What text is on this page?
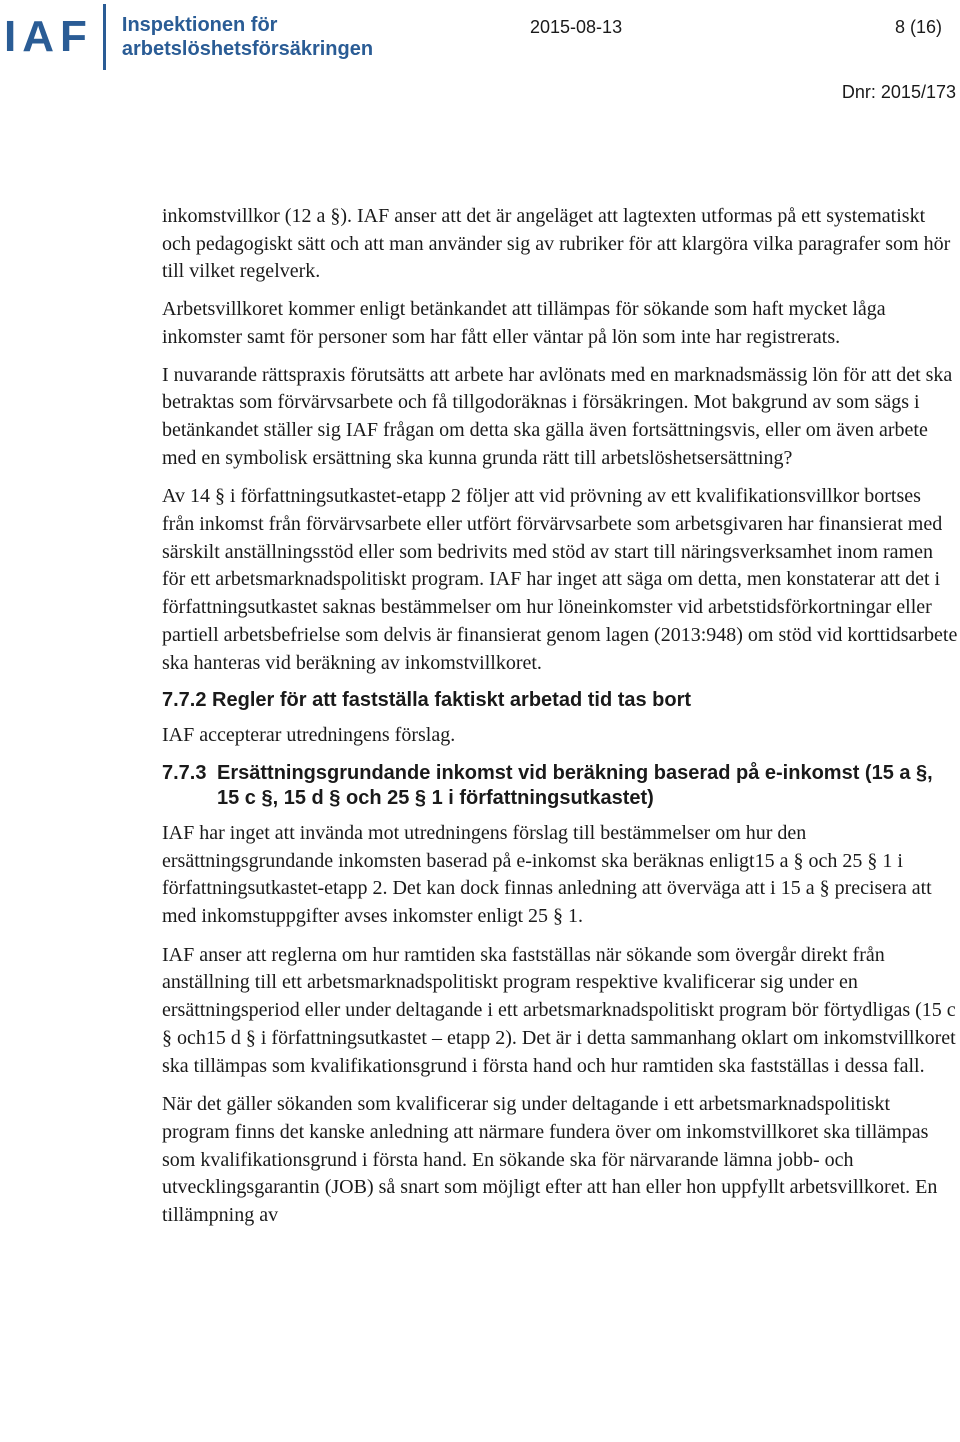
IAF Inspektionen för
arbetslöshetsförsäkringen
2015-08-13	8 (16)
Dnr: 2015/173

inkomstvillkor (12 a §). IAF anser att det är angeläget att lagtexten utformas på ett systematiskt och pedagogiskt sätt och att man använder sig av rubriker för att klargöra vilka paragrafer som hör till vilket regelverk.

Arbetsvillkoret kommer enligt betänkandet att tillämpas för sökande som haft mycket låga inkomster samt för personer som har fått eller väntar på lön som inte har registrerats.

I nuvarande rättspraxis förutsätts att arbete har avlönats med en marknadsmässig lön för att det ska betraktas som förvärvsarbete och få tillgodoräknas i försäkringen. Mot bakgrund av som sägs i betänkandet ställer sig IAF frågan om detta ska gälla även fortsättningsvis, eller om även arbete med en symbolisk ersättning ska kunna grunda rätt till arbetslöshetsersättning?

Av 14 § i författningsutkastet-etapp 2 följer att vid prövning av ett kvalifikationsvillkor bortses från inkomst från förvärvsarbete eller utfört förvärvsarbete som arbetsgivaren har finansierat med särskilt anställningsstöd eller som bedrivits med stöd av start till näringsverksamhet inom ramen för ett arbetsmarknadspolitiskt program. IAF har inget att säga om detta, men konstaterar att det i författningsutkastet saknas bestämmelser om hur löneinkomster vid arbetstidsförkortningar eller partiell arbetsbefrielse som delvis är finansierat genom lagen (2013:948) om stöd vid korttidsarbete ska hanteras vid beräkning av inkomstvillkoret.

7.7.2 Regler för att fastställa faktiskt arbetad tid tas bort

IAF accepterar utredningens förslag.

7.7.3 Ersättningsgrundande inkomst vid beräkning baserad på e-inkomst (15 a §, 15 c §, 15 d § och 25 § 1 i författningsutkastet)

IAF har inget att invända mot utredningens förslag till bestämmelser om hur den ersättningsgrundande inkomsten baserad på e-inkomst ska beräknas enligt15 a § och 25 § 1 i författningsutkastet-etapp 2. Det kan dock finnas anledning att överväga att i 15 a § precisera att med inkomstuppgifter avses inkomster enligt 25 § 1.

IAF anser att reglerna om hur ramtiden ska fastställas när sökande som övergår direkt från anställning till ett arbetsmarknadspolitiskt program respektive kvalificerar sig under en ersättningsperiod eller under deltagande i ett arbetsmarknadspolitiskt program bör förtydligas (15 c § och15 d § i författningsutkastet – etapp 2). Det är i detta sammanhang oklart om inkomstvillkoret ska tillämpas som kvalifikationsgrund i första hand och hur ramtiden ska fastställas i dessa fall.

När det gäller sökanden som kvalificerar sig under deltagande i ett arbetsmarknadspolitiskt program finns det kanske anledning att närmare fundera över om inkomstvillkoret ska tillämpas som kvalifikationsgrund i första hand. En sökande ska för närvarande lämna jobb- och utvecklingsgarantin (JOB) så snart som möjligt efter att han eller hon uppfyllt arbetsvillkoret. En tillämpning av
